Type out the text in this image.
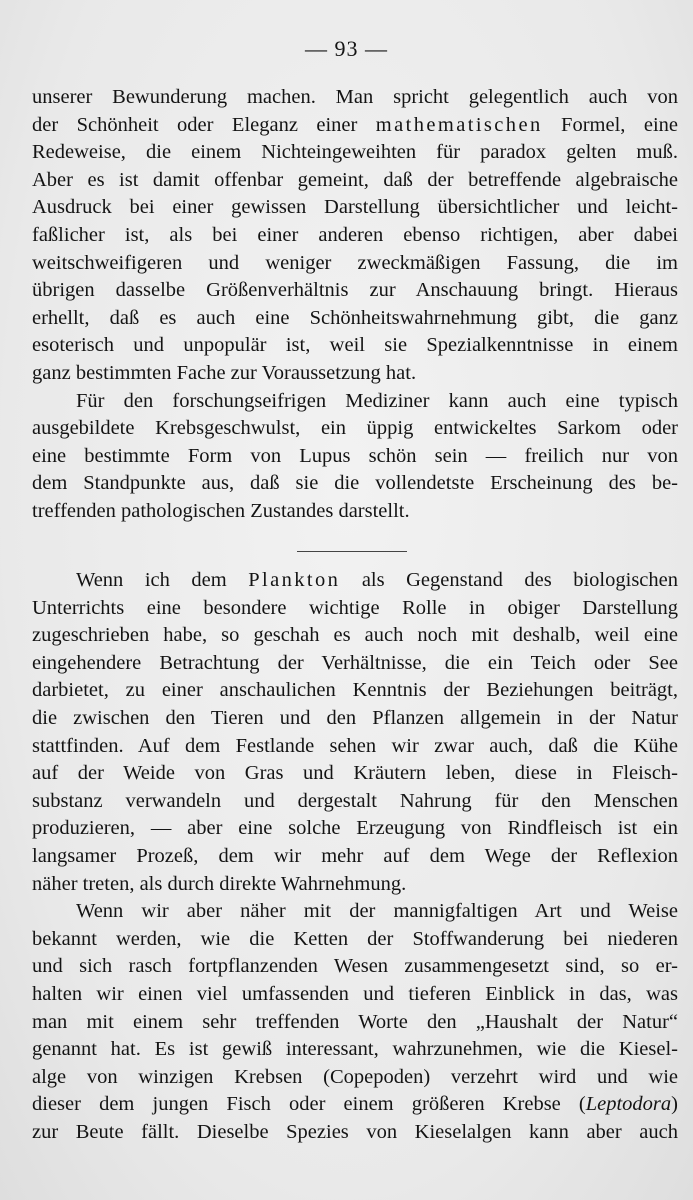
— 93 —
unserer Bewunderung machen. Man spricht gelegentlich auch von
der Schönheit oder Eleganz einer mathematischen Formel, eine
Redeweise, die einem Nichteingeweihten für paradox gelten muß.
Aber es ist damit offenbar gemeint, daß der betreffende algebraische
Ausdruck bei einer gewissen Darstellung übersichtlicher und leicht-
faßlicher ist, als bei einer anderen ebenso richtigen, aber dabei
weitschweifigeren und weniger zweckmäßigen Fassung, die im
übrigen dasselbe Größenverhältnis zur Anschauung bringt. Hieraus
erhellt, daß es auch eine Schönheitswahrnehmung gibt, die ganz
esoterisch und unpopulär ist, weil sie Spezialkenntnisse in einem
ganz bestimmten Fache zur Voraussetzung hat.
Für den forschungseifrigen Mediziner kann auch eine typisch
ausgebildete Krebsgeschwulst, ein üppig entwickeltes Sarkom oder
eine bestimmte Form von Lupus schön sein — freilich nur von
dem Standpunkte aus, daß sie die vollendetste Erscheinung des be-
treffenden pathologischen Zustandes darstellt.
Wenn ich dem Plankton als Gegenstand des biologischen
Unterrichts eine besondere wichtige Rolle in obiger Darstellung
zugeschrieben habe, so geschah es auch noch mit deshalb, weil eine
eingehendere Betrachtung der Verhältnisse, die ein Teich oder See
darbietet, zu einer anschaulichen Kenntnis der Beziehungen beiträgt,
die zwischen den Tieren und den Pflanzen allgemein in der Natur
stattfinden. Auf dem Festlande sehen wir zwar auch, daß die Kühe
auf der Weide von Gras und Kräutern leben, diese in Fleisch-
substanz verwandeln und dergestalt Nahrung für den Menschen
produzieren, — aber eine solche Erzeugung von Rindfleisch ist ein
langsamer Prozeß, dem wir mehr auf dem Wege der Reflexion
näher treten, als durch direkte Wahrnehmung.
Wenn wir aber näher mit der mannigfaltigen Art und Weise
bekannt werden, wie die Ketten der Stoffwanderung bei niederen
und sich rasch fortpflanzenden Wesen zusammengesetzt sind, so er-
halten wir einen viel umfassenden und tieferen Einblick in das, was
man mit einem sehr treffenden Worte den „Haushalt der Natur“
genannt hat. Es ist gewiß interessant, wahrzunehmen, wie die Kiesel-
alge von winzigen Krebsen (Copepoden) verzehrt wird und wie
dieser dem jungen Fisch oder einem größeren Krebse (Leptodora)
zur Beute fällt. Dieselbe Spezies von Kieselalgen kann aber auch
